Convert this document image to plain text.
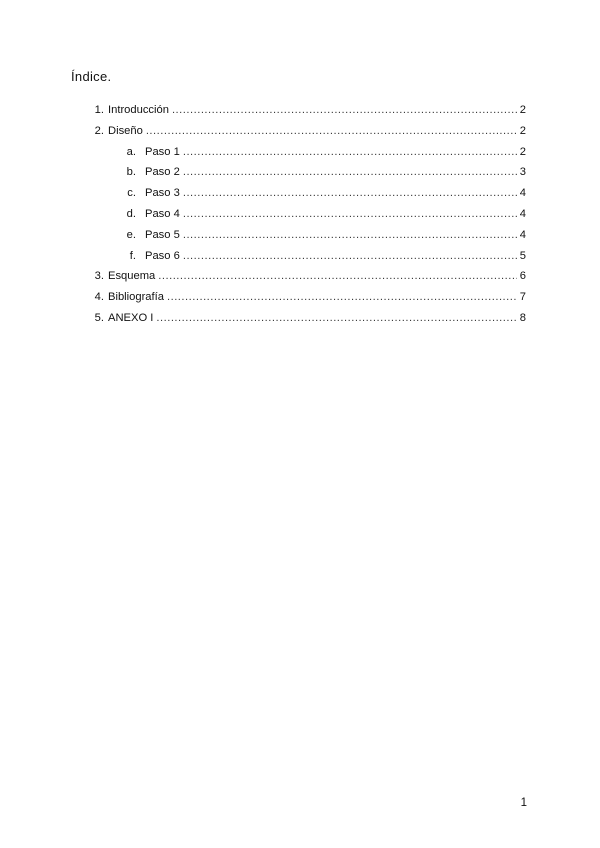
Índice.
1. Introducción .....	2
2. Diseño .....	2
a. Paso 1 .....	2
b. Paso 2 .....	3
c. Paso 3 .....	4
d. Paso 4 .....	4
e. Paso 5 .....	4
f. Paso 6 .....	5
3. Esquema .....	6
4. Bibliografía .....	7
5. ANEXO I .....	8
1
